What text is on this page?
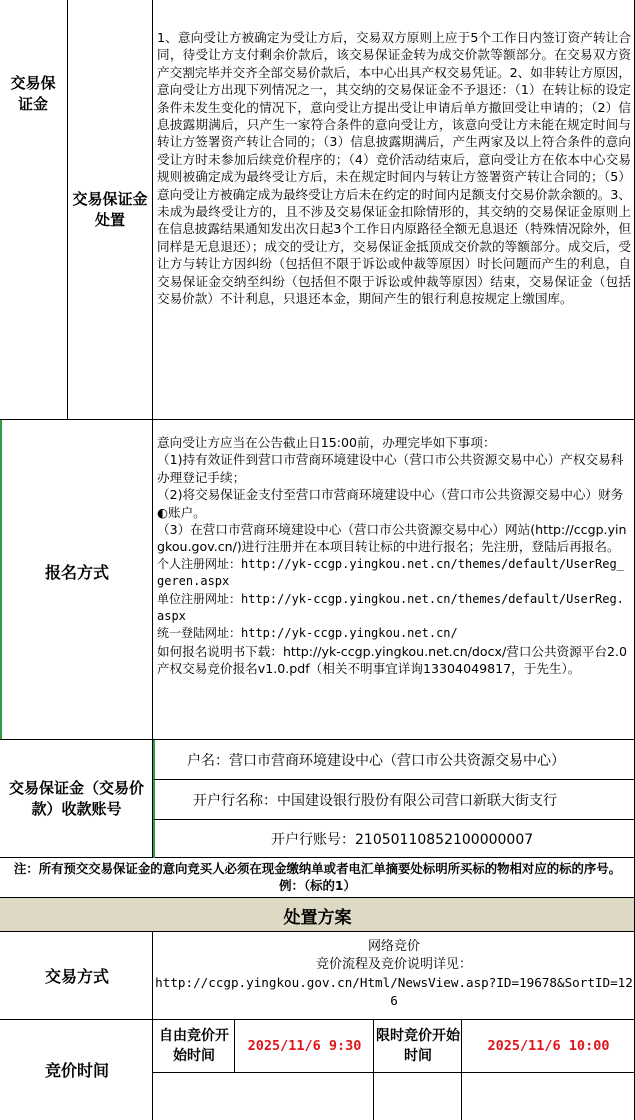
交易保证金
交易保证金处置
1、意向受让方被确定为受让方后，交易双方原则上应于5个工作日内签订资产转让合同，待受让方支付剩余价款后，该交易保证金转为成交价款等额部分。在交易双方资产交割完毕并交齐全部交易价款后，本中心出具产权交易凭证。2、如非转让方原因，意向受让方出现下列情况之一，其交纳的交易保证金不予退还：（1）在转让标的设定条件未发生变化的情况下，意向受让方提出受让申请后单方撤回受让申请的；（2）信息披露期满后，只产生一家符合条件的意向受让方，该意向受让方未能在规定时间与转让方签署资产转让合同的；（3）信息披露期满后，产生两家及以上符合条件的意向受让方时未参加后续竞价程序的；（4）竞价活动结束后，意向受让方在依本中心交易规则被确定成为最终受让方后，未在规定时间内与转让方签署资产转让合同的；（5）意向受让方被确定成为最终受让方后未在约定的时间内足额支付交易价款余额的。3、未成为最终受让方的，且不涉及交易保证金扣除情形的，其交纳的交易保证金原则上在信息披露结果通知发出次日起3个工作日内原路径全额无息退还（特殊情况除外，但同样是无息退还）；成交的受让方，交易保证金抵顶成交价款的等额部分。成交后，受让方与转让方因纠纷（包括但不限于诉讼或仲裁等原因）时长问题而产生的利息，自交易保证金交纳至纠纷（包括但不限于诉讼或仲裁等原因）结束，交易保证金（包括交易价款）不计利息，只退还本金，期间产生的银行利息按规定上缴国库。
报名方式
意向受让方应当在公告截止日15:00前，办理完毕如下事项：
（1)持有效证件到营口市营商环境建设中心（营口市公共资源交易中心）产权交易科办理登记手续；
（2)将交易保证金支付至营口市营商环境建设中心（营口市公共资源交易中心）财务◐账户。
（3）在营口市营商环境建设中心（营口市公共资源交易中心）网站(http://ccgp.yingkou.gov.cn/)进行注册并在本项目转让标的中进行报名；先注册，登陆后再报名。
个人注册网址：http://yk-ccgp.yingkou.net.cn/themes/default/UserReg_geren.aspx
单位注册网址：http://yk-ccgp.yingkou.net.cn/themes/default/UserReg.aspx
统一登陆网址：http://yk-ccgp.yingkou.net.cn/
如何报名说明书下载：http://yk-ccgp.yingkou.net.cn/docx/营口公共资源平台2.0产权交易竞价报名v1.0.pdf（相关不明事宜详询13304049817，于先生）。
交易保证金（交易价款）收款账号
户名：营口市营商环境建设中心（营口市公共资源交易中心）
开户行名称：中国建设银行股份有限公司营口新联大街支行
开户行账号：21050110852100000007
注：所有预交交易保证金的意向竞买人必须在现金缴纳单或者电汇单摘要处标明所买标的物相对应的标的序号。例：（标的1）
处置方案
交易方式
网络竞价
竞价流程及竞价说明详见：
http://ccgp.yingkou.gov.cn/Html/NewsView.asp?ID=19678&SortID=126
竞价时间
自由竞价开始时间
2025/11/6 9:30
限时竞价开始时间
2025/11/6 10:00
